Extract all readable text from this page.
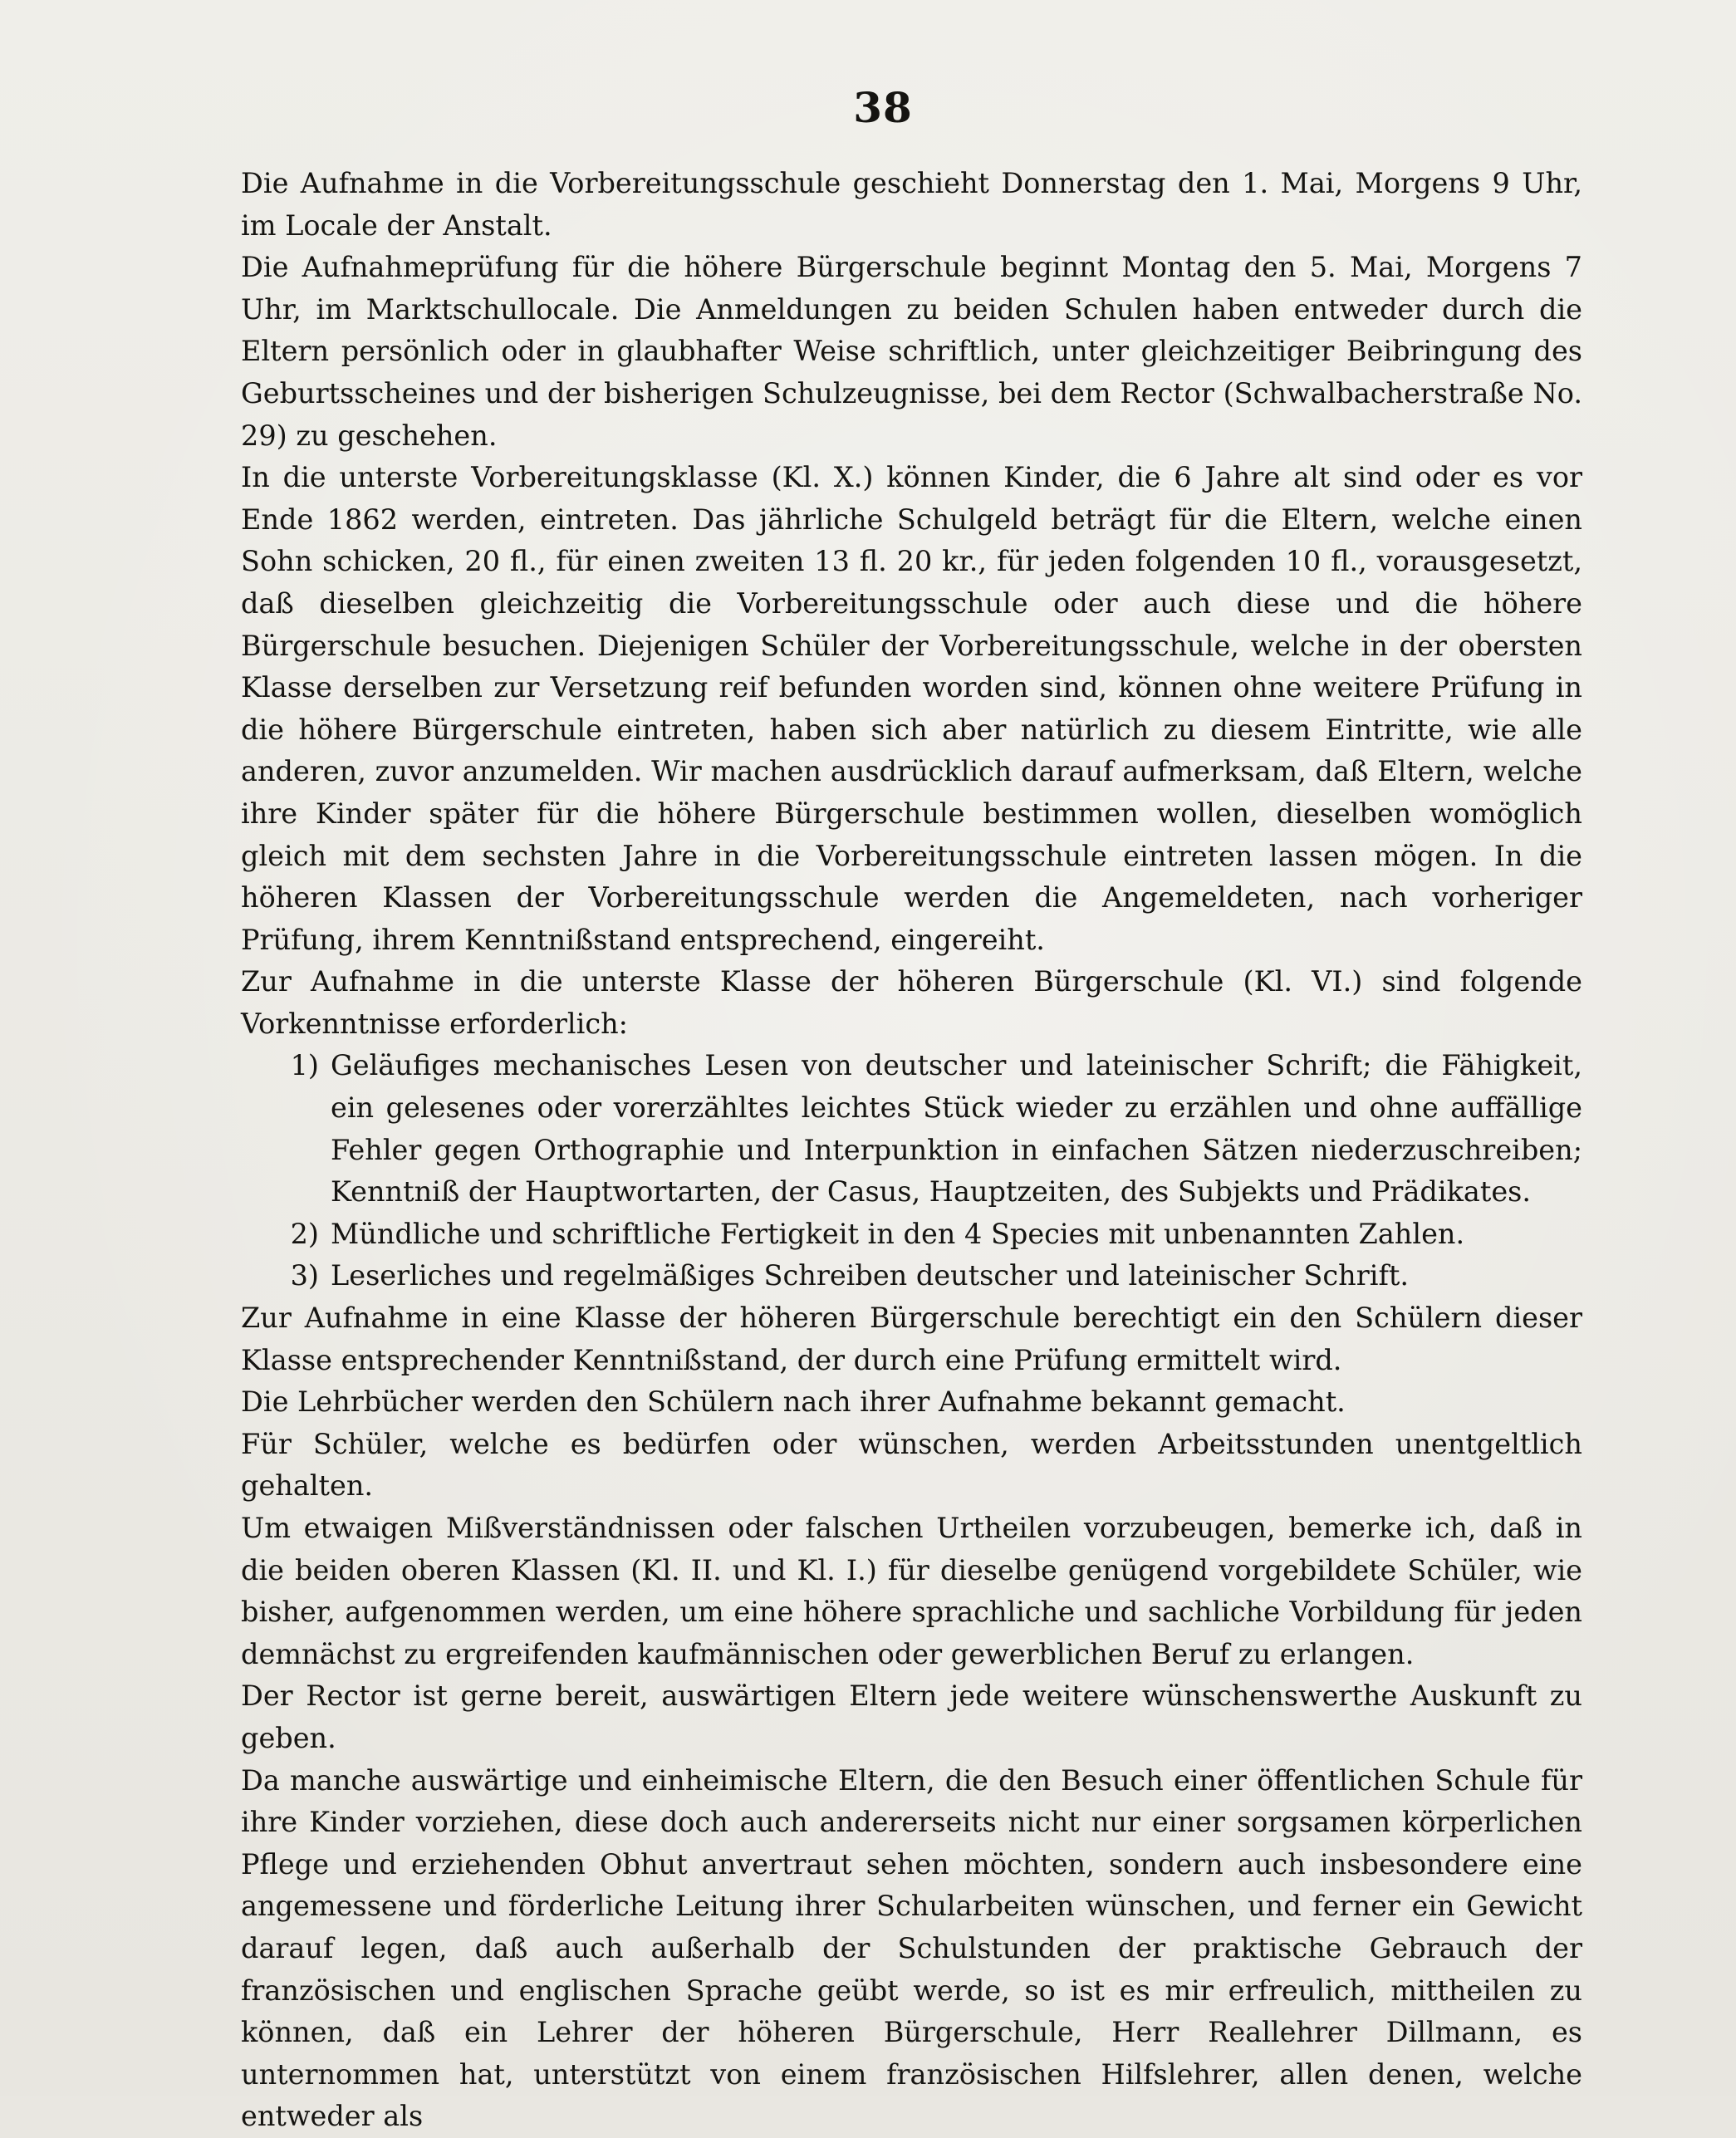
38

Die Aufnahme in die Vorbereitungsschule geschieht Donnerstag den 1. Mai, Morgens 9 Uhr, im Locale der Anstalt.

Die Aufnahmeprüfung für die höhere Bürgerschule beginnt Montag den 5. Mai, Morgens 7 Uhr, im Marktschullocale. Die Anmeldungen zu beiden Schulen haben entweder durch die Eltern persönlich oder in glaubhafter Weise schriftlich, unter gleichzeitiger Beibringung des Geburtsscheines und der bisherigen Schulzeugnisse, bei dem Rector (Schwalbacherstraße No. 29) zu geschehen.

In die unterste Vorbereitungsklasse (Kl. X.) können Kinder, die 6 Jahre alt sind oder es vor Ende 1862 werden, eintreten. Das jährliche Schulgeld beträgt für die Eltern, welche einen Sohn schicken, 20 fl., für einen zweiten 13 fl. 20 kr., für jeden folgenden 10 fl., vorausgesetzt, daß dieselben gleichzeitig die Vorbereitungsschule oder auch diese und die höhere Bürgerschule besuchen. Diejenigen Schüler der Vorbereitungsschule, welche in der obersten Klasse derselben zur Versetzung reif befunden worden sind, können ohne weitere Prüfung in die höhere Bürgerschule eintreten, haben sich aber natürlich zu diesem Eintritte, wie alle anderen, zuvor anzumelden. Wir machen ausdrücklich darauf aufmerksam, daß Eltern, welche ihre Kinder später für die höhere Bürgerschule bestimmen wollen, dieselben womöglich gleich mit dem sechsten Jahre in die Vorbereitungsschule eintreten lassen mögen. In die höheren Klassen der Vorbereitungsschule werden die Angemeldeten, nach vorheriger Prüfung, ihrem Kenntnißstand entsprechend, eingereiht.

Zur Aufnahme in die unterste Klasse der höheren Bürgerschule (Kl. VI.) sind folgende Vorkenntnisse erforderlich:

1) Geläufiges mechanisches Lesen von deutscher und lateinischer Schrift; die Fähigkeit, ein gelesenes oder vorerzähltes leichtes Stück wieder zu erzählen und ohne auffällige Fehler gegen Orthographie und Interpunktion in einfachen Sätzen niederzuschreiben; Kenntniß der Hauptwortarten, der Casus, Hauptzeiten, des Subjekts und Prädikates.
2) Mündliche und schriftliche Fertigkeit in den 4 Species mit unbenannten Zahlen.
3) Leserliches und regelmäßiges Schreiben deutscher und lateinischer Schrift.

Zur Aufnahme in eine Klasse der höheren Bürgerschule berechtigt ein den Schülern dieser Klasse entsprechender Kenntnißstand, der durch eine Prüfung ermittelt wird.

Die Lehrbücher werden den Schülern nach ihrer Aufnahme bekannt gemacht.

Für Schüler, welche es bedürfen oder wünschen, werden Arbeitsstunden unentgeltlich gehalten.

Um etwaigen Mißverständnissen oder falschen Urtheilen vorzubeugen, bemerke ich, daß in die beiden oberen Klassen (Kl. II. und Kl. I.) für dieselbe genügend vorgebildete Schüler, wie bisher, aufgenommen werden, um eine höhere sprachliche und sachliche Vorbildung für jeden demnächst zu ergreifenden kaufmännischen oder gewerblichen Beruf zu erlangen.

Der Rector ist gerne bereit, auswärtigen Eltern jede weitere wünschenswerthe Auskunft zu geben.

Da manche auswärtige und einheimische Eltern, die den Besuch einer öffentlichen Schule für ihre Kinder vorziehen, diese doch auch andererseits nicht nur einer sorgsamen körperlichen Pflege und erziehenden Obhut anvertraut sehen möchten, sondern auch insbesondere eine angemessene und förderliche Leitung ihrer Schularbeiten wünschen, und ferner ein Gewicht darauf legen, daß auch außerhalb der Schulstunden der praktische Gebrauch der französischen und englischen Sprache geübt werde, so ist es mir erfreulich, mittheilen zu können, daß ein Lehrer der höheren Bürgerschule, Herr Reallehrer Dillmann, es unternommen hat, unterstützt von einem französischen Hilfslehrer, allen denen, welche entweder als
